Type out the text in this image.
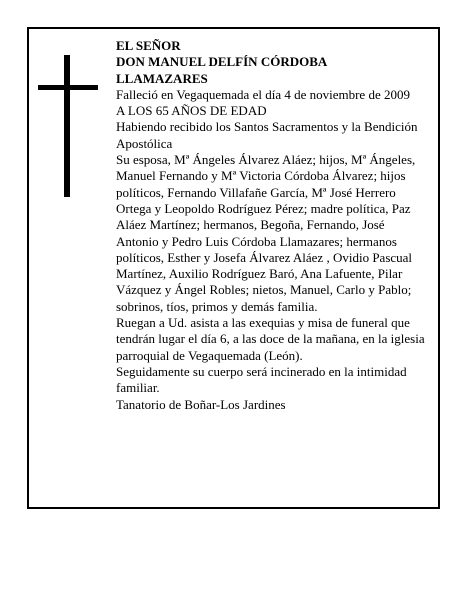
EL SEÑOR

DON MANUEL DELFÍN CÓRDOBA

LLAMAZARES

Falleció en Vegaquemada el día 4 de noviembre de 2009

A LOS 65 AÑOS DE EDAD

Habiendo recibido los Santos Sacramentos y la Bendición Apostólica

Su esposa, Mª Ángeles Álvarez Aláez; hijos, Mª Ángeles, Manuel Fernando y Mª Victoria Córdoba Álvarez; hijos políticos, Fernando Villafañe García, Mª José Herrero Ortega y Leopoldo Rodríguez Pérez; madre política, Paz Aláez Martínez; hermanos, Begoña, Fernando, José Antonio y Pedro Luis Córdoba Llamazares; hermanos políticos, Esther y Josefa Álvarez Aláez , Ovidio Pascual Martínez, Auxilio Rodríguez Baró, Ana Lafuente, Pilar Vázquez y Ángel Robles; nietos, Manuel, Carlo y Pablo; sobrinos, tíos, primos y demás familia.

Ruegan a Ud. asista a las exequias y misa de funeral que tendrán lugar el día 6, a las doce de la mañana, en la iglesia parroquial de Vegaquemada (León).

Seguidamente su cuerpo será incinerado en la intimidad familiar.

Tanatorio de Boñar-Los Jardines
